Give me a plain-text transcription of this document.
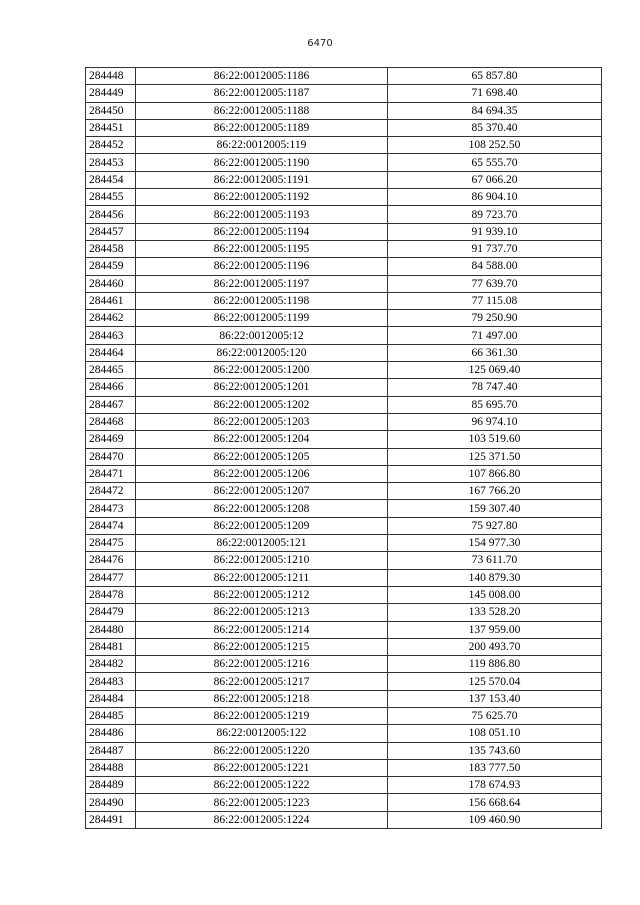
6470
284448	86:22:0012005:1186	65 857.80
284449	86:22:0012005:1187	71 698.40
284450	86:22:0012005:1188	84 694.35
284451	86:22:0012005:1189	85 370.40
284452	86:22:0012005:119	108 252.50
284453	86:22:0012005:1190	65 555.70
284454	86:22:0012005:1191	67 066.20
284455	86:22:0012005:1192	86 904.10
284456	86:22:0012005:1193	89 723.70
284457	86:22:0012005:1194	91 939.10
284458	86:22:0012005:1195	91 737.70
284459	86:22:0012005:1196	84 588.00
284460	86:22:0012005:1197	77 639.70
284461	86:22:0012005:1198	77 115.08
284462	86:22:0012005:1199	79 250.90
284463	86:22:0012005:12	71 497.00
284464	86:22:0012005:120	66 361.30
284465	86:22:0012005:1200	125 069.40
284466	86:22:0012005:1201	78 747.40
284467	86:22:0012005:1202	85 695.70
284468	86:22:0012005:1203	96 974.10
284469	86:22:0012005:1204	103 519.60
284470	86:22:0012005:1205	125 371.50
284471	86:22:0012005:1206	107 866.80
284472	86:22:0012005:1207	167 766.20
284473	86:22:0012005:1208	159 307.40
284474	86:22:0012005:1209	75 927.80
284475	86:22:0012005:121	154 977.30
284476	86:22:0012005:1210	73 611.70
284477	86:22:0012005:1211	140 879.30
284478	86:22:0012005:1212	145 008.00
284479	86:22:0012005:1213	133 528.20
284480	86:22:0012005:1214	137 959.00
284481	86:22:0012005:1215	200 493.70
284482	86:22:0012005:1216	119 886.80
284483	86:22:0012005:1217	125 570.04
284484	86:22:0012005:1218	137 153.40
284485	86:22:0012005:1219	75 625.70
284486	86:22:0012005:122	108 051.10
284487	86:22:0012005:1220	135 743.60
284488	86:22:0012005:1221	183 777.50
284489	86:22:0012005:1222	178 674.93
284490	86:22:0012005:1223	156 668.64
284491	86:22:0012005:1224	109 460.90
